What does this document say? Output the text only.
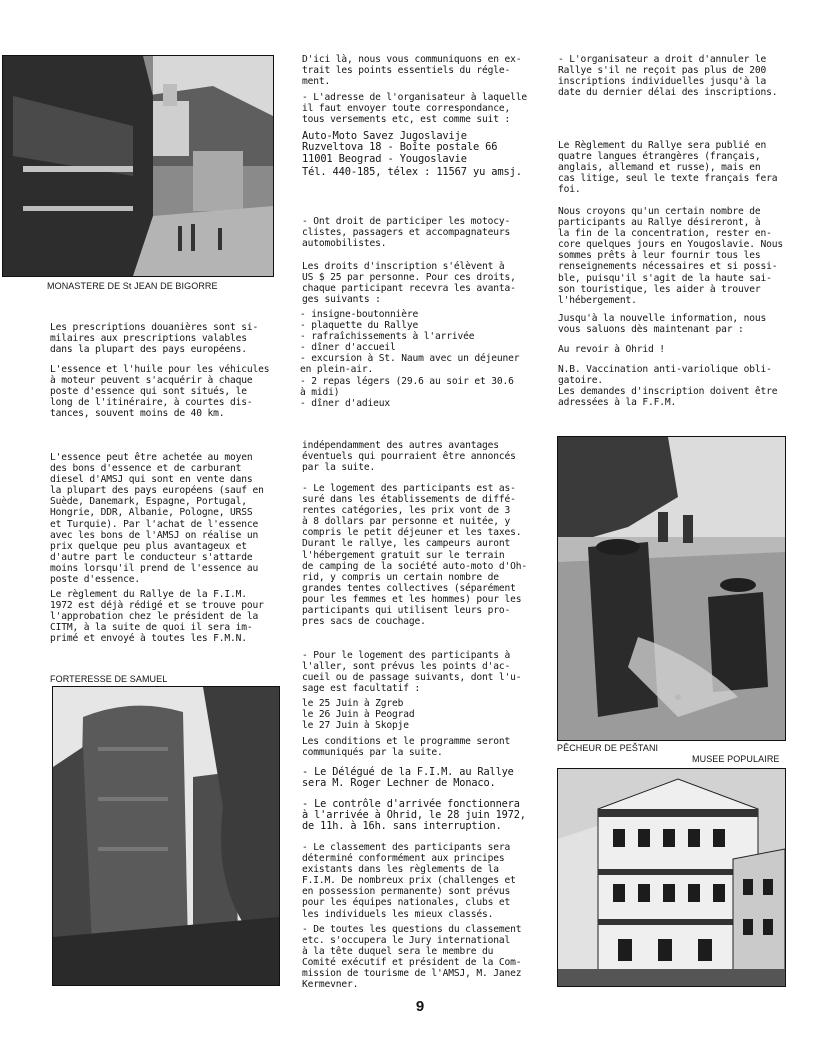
MONASTERE DE St JEAN DE BIGORRE
FORTERESSE DE SAMUEL
PÊCHEUR DE PEŠTANI
MUSEE POPULAIRE

Les prescriptions douanières sont si-
milaires aux prescriptions valables
dans la plupart des pays européens.

L'essence et l'huile pour les véhicules
à moteur peuvent s'acquérir à chaque
poste d'essence qui sont situés, le
long de l'itinéraire, à courtes dis-
tances, souvent moins de 40 km.

L'essence peut être achetée au moyen
des bons d'essence et de carburant
diesel d'AMSJ qui sont en vente dans
la plupart des pays européens (sauf en
Suède, Danemark, Espagne, Portugal,
Hongrie, DDR, Albanie, Pologne, URSS
et Turquie). Par l'achat de l'essence
avec les bons de l'AMSJ on réalise un
prix quelque peu plus avantageux et
d'autre part le conducteur s'attarde
moins lorsqu'il prend de l'essence au
poste d'essence.

Le règlement du Rallye de la F.I.M.
1972 est déjà rédigé et se trouve pour
l'approbation chez le président de la
CITM, à la suite de quoi il sera im-
primé et envoyé à toutes les F.M.N.

D'ici là, nous vous communiquons en ex-
trait les points essentiels du régle-
ment.

- L'adresse de l'organisateur à laquelle
il faut envoyer toute correspondance,
tous versements etc, est comme suit :

Auto-Moto Savez Jugoslavije
Ruzveltova 18 - Boîte postale 66
11001 Beograd - Yougoslavie

Tél. 440-185, télex : 11567 yu amsj.

- Ont droit de participer les motocy-
clistes, passagers et accompagnateurs
automobilistes.

Les droits d'inscription s'élèvent à
US $ 25 par personne. Pour ces droits,
chaque participant recevra les avanta-
ges suivants :

- insigne-boutonnière
- plaquette du Rallye
- rafraîchissements à l'arrivée
- dîner d'accueil
- excursion à St. Naum avec un déjeuner
en plein-air.
- 2 repas légers (29.6 au soir et 30.6
à midi)
- dîner d'adieux

indépendamment des autres avantages
éventuels qui pourraient être annoncés
par la suite.

- Le logement des participants est as-
suré dans les établissements de diffé-
rentes catégories, les prix vont de 3
à 8 dollars par personne et nuitée, y
compris le petit déjeuner et les taxes.
Durant le rallye, les campeurs auront
l'hébergement gratuit sur le terrain
de camping de la société auto-moto d'Oh-
rid, y compris un certain nombre de
grandes tentes collectives (séparément
pour les femmes et les hommes) pour les
participants qui utilisent leurs pro-
pres sacs de couchage.

- Pour le logement des participants à
l'aller, sont prévus les points d'ac-
cueil ou de passage suivants, dont l'u-
sage est facultatif :

le 25 Juin à Zgreb
le 26 Juin à Peograd
le 27 Juin à Skopje

Les conditions et le programme seront
communiqués par la suite.

- Le Délégué de la F.I.M. au Rallye
sera M. Roger Lechner de Monaco.

- Le contrôle d'arrivée fonctionnera
à l'arrivée à Ohrid, le 28 juin 1972,
de 11h. à 16h. sans interruption.

- Le classement des participants sera
déterminé conformément aux principes
existants dans les règlements de la
F.I.M. De nombreux prix (challenges et
en possession permanente) sont prévus
pour les équipes nationales, clubs et
les individuels les mieux classés.

- De toutes les questions du classement
etc. s'occupera le Jury international
à la tête duquel sera le membre du
Comité exécutif et président de la Com-
mission de tourisme de l'AMSJ, M. Janez
Kermevner.

- L'organisateur a droit d'annuler le
Rallye s'il ne reçoit pas plus de 200
inscriptions individuelles jusqu'à la
date du dernier délai des inscriptions.

Le Règlement du Rallye sera publié en
quatre langues étrangères (français,
anglais, allemand et russe), mais en
cas litige, seul le texte français fera
foi.

Nous croyons qu'un certain nombre de
participants au Rallye désireront, à
la fin de la concentration, rester en-
core quelques jours en Yougoslavie. Nous
sommes prêts à leur fournir tous les
renseignements nécessaires et si possi-
ble, puisqu'il s'agit de la haute sai-
son touristique, les aider à trouver
l'hébergement.

Jusqu'à la nouvelle information, nous
vous saluons dès maintenant par :

Au revoir à Ohrid !

N.B. Vaccination anti-variolique obli-
gatoire.
Les demandes d'inscription doivent être
adressées à la F.F.M.

9
